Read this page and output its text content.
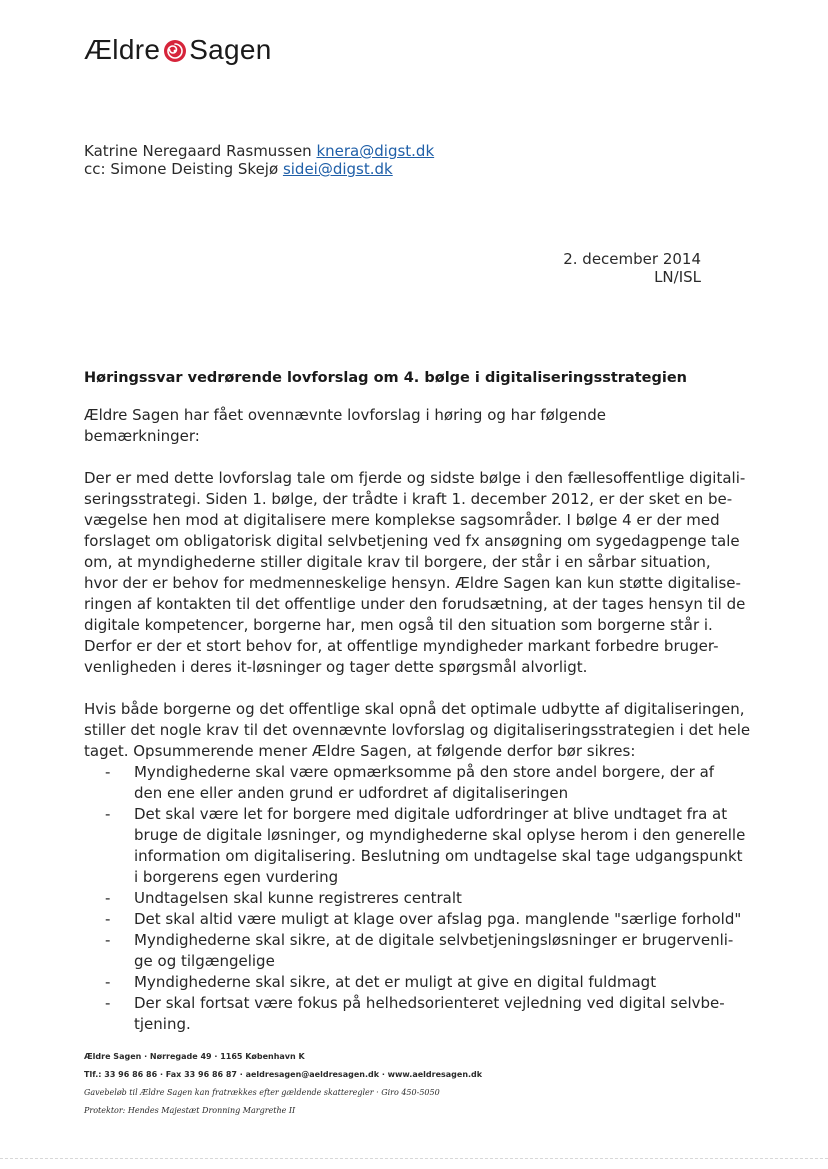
Ældre Sagen
Katrine Neregaard Rasmussen knera@digst.dk
cc: Simone Deisting Skejø sidei@digst.dk
2. december 2014
LN/ISL
Høringssvar vedrørende lovforslag om 4. bølge i digitaliseringsstrategien

Ældre Sagen har fået ovennævnte lovforslag i høring og har følgende bemærkninger:

Der er med dette lovforslag tale om fjerde og sidste bølge i den fællesoffentlige digitali-
seringsstrategi. Siden 1. bølge, der trådte i kraft 1. december 2012, er der sket en be-
vægelse hen mod at digitalisere mere komplekse sagsområder. I bølge 4 er der med
forslaget om obligatorisk digital selvbetjening ved fx ansøgning om sygedagpenge tale
om, at myndighederne stiller digitale krav til borgere, der står i en sårbar situation,
hvor der er behov for medmenneskelige hensyn. Ældre Sagen kan kun støtte digitalise-
ringen af kontakten til det offentlige under den forudsætning, at der tages hensyn til de
digitale kompetencer, borgerne har, men også til den situation som borgerne står i.
Derfor er der et stort behov for, at offentlige myndigheder markant forbedre bruger-
venligheden i deres it-løsninger og tager dette spørgsmål alvorligt.

Hvis både borgerne og det offentlige skal opnå det optimale udbytte af digitaliseringen,
stiller det nogle krav til det ovennævnte lovforslag og digitaliseringsstrategien i det hele
taget. Opsummerende mener Ældre Sagen, at følgende derfor bør sikres:
- Myndighederne skal være opmærksomme på den store andel borgere, der af
den ene eller anden grund er udfordret af digitaliseringen
- Det skal være let for borgere med digitale udfordringer at blive undtaget fra at
bruge de digitale løsninger, og myndighederne skal oplyse herom i den generelle
information om digitalisering. Beslutning om undtagelse skal tage udgangspunkt
i borgerens egen vurdering
- Undtagelsen skal kunne registreres centralt
- Det skal altid være muligt at klage over afslag pga. manglende "særlige forhold"
- Myndighederne skal sikre, at de digitale selvbetjeningsløsninger er brugervenli-
ge og tilgængelige
- Myndighederne skal sikre, at det er muligt at give en digital fuldmagt
- Der skal fortsat være fokus på helhedsorienteret vejledning ved digital selvbe-
tjening.
Ældre Sagen · Nørregade 49 · 1165 København K
Tlf.: 33 96 86 86 · Fax 33 96 86 87 · aeldresagen@aeldresagen.dk · www.aeldresagen.dk
Gavebeløb til Ældre Sagen kan fratrækkes efter gældende skatteregler · Giro 450-5050
Protektor: Hendes Majestæt Dronning Margrethe II
